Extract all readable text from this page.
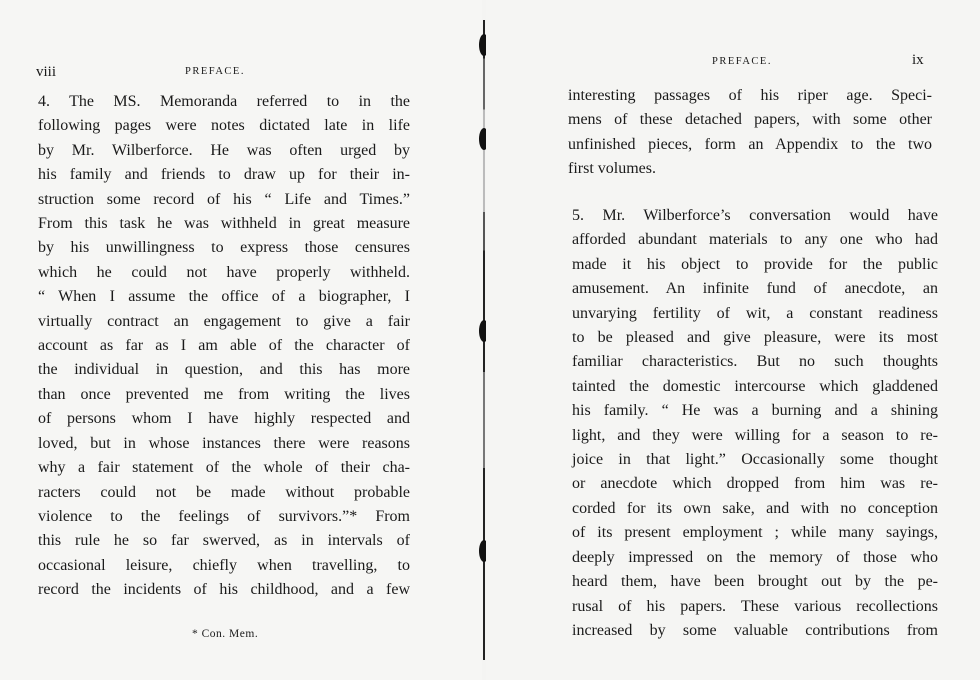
viii	PREFACE.
4. The MS. Memoranda referred to in the
following pages were notes dictated late in life
by Mr. Wilberforce. He was often urged by
his family and friends to draw up for their in-
struction some record of his “ Life and Times.”
From this task he was withheld in great measure
by his unwillingness to express those censures
which he could not have properly withheld.
“ When I assume the office of a biographer, I
virtually contract an engagement to give a fair
account as far as I am able of the character of
the individual in question, and this has more
than once prevented me from writing the lives
of persons whom I have highly respected and
loved, but in whose instances there were reasons
why a fair statement of the whole of their cha-
racters could not be made without probable
violence to the feelings of survivors.”* From
this rule he so far swerved, as in intervals of
occasional leisure, chiefly when travelling, to
record the incidents of his childhood, and a few
* Con. Mem.
PREFACE.	ix
interesting passages of his riper age. Speci-
mens of these detached papers, with some other
unfinished pieces, form an Appendix to the two
first volumes.
5. Mr. Wilberforce’s conversation would have
afforded abundant materials to any one who had
made it his object to provide for the public
amusement. An infinite fund of anecdote, an
unvarying fertility of wit, a constant readiness
to be pleased and give pleasure, were its most
familiar characteristics. But no such thoughts
tainted the domestic intercourse which gladdened
his family. “ He was a burning and a shining
light, and they were willing for a season to re-
joice in that light.” Occasionally some thought
or anecdote which dropped from him was re-
corded for its own sake, and with no conception
of its present employment ; while many sayings,
deeply impressed on the memory of those who
heard them, have been brought out by the pe-
rusal of his papers. These various recollections
increased by some valuable contributions from
